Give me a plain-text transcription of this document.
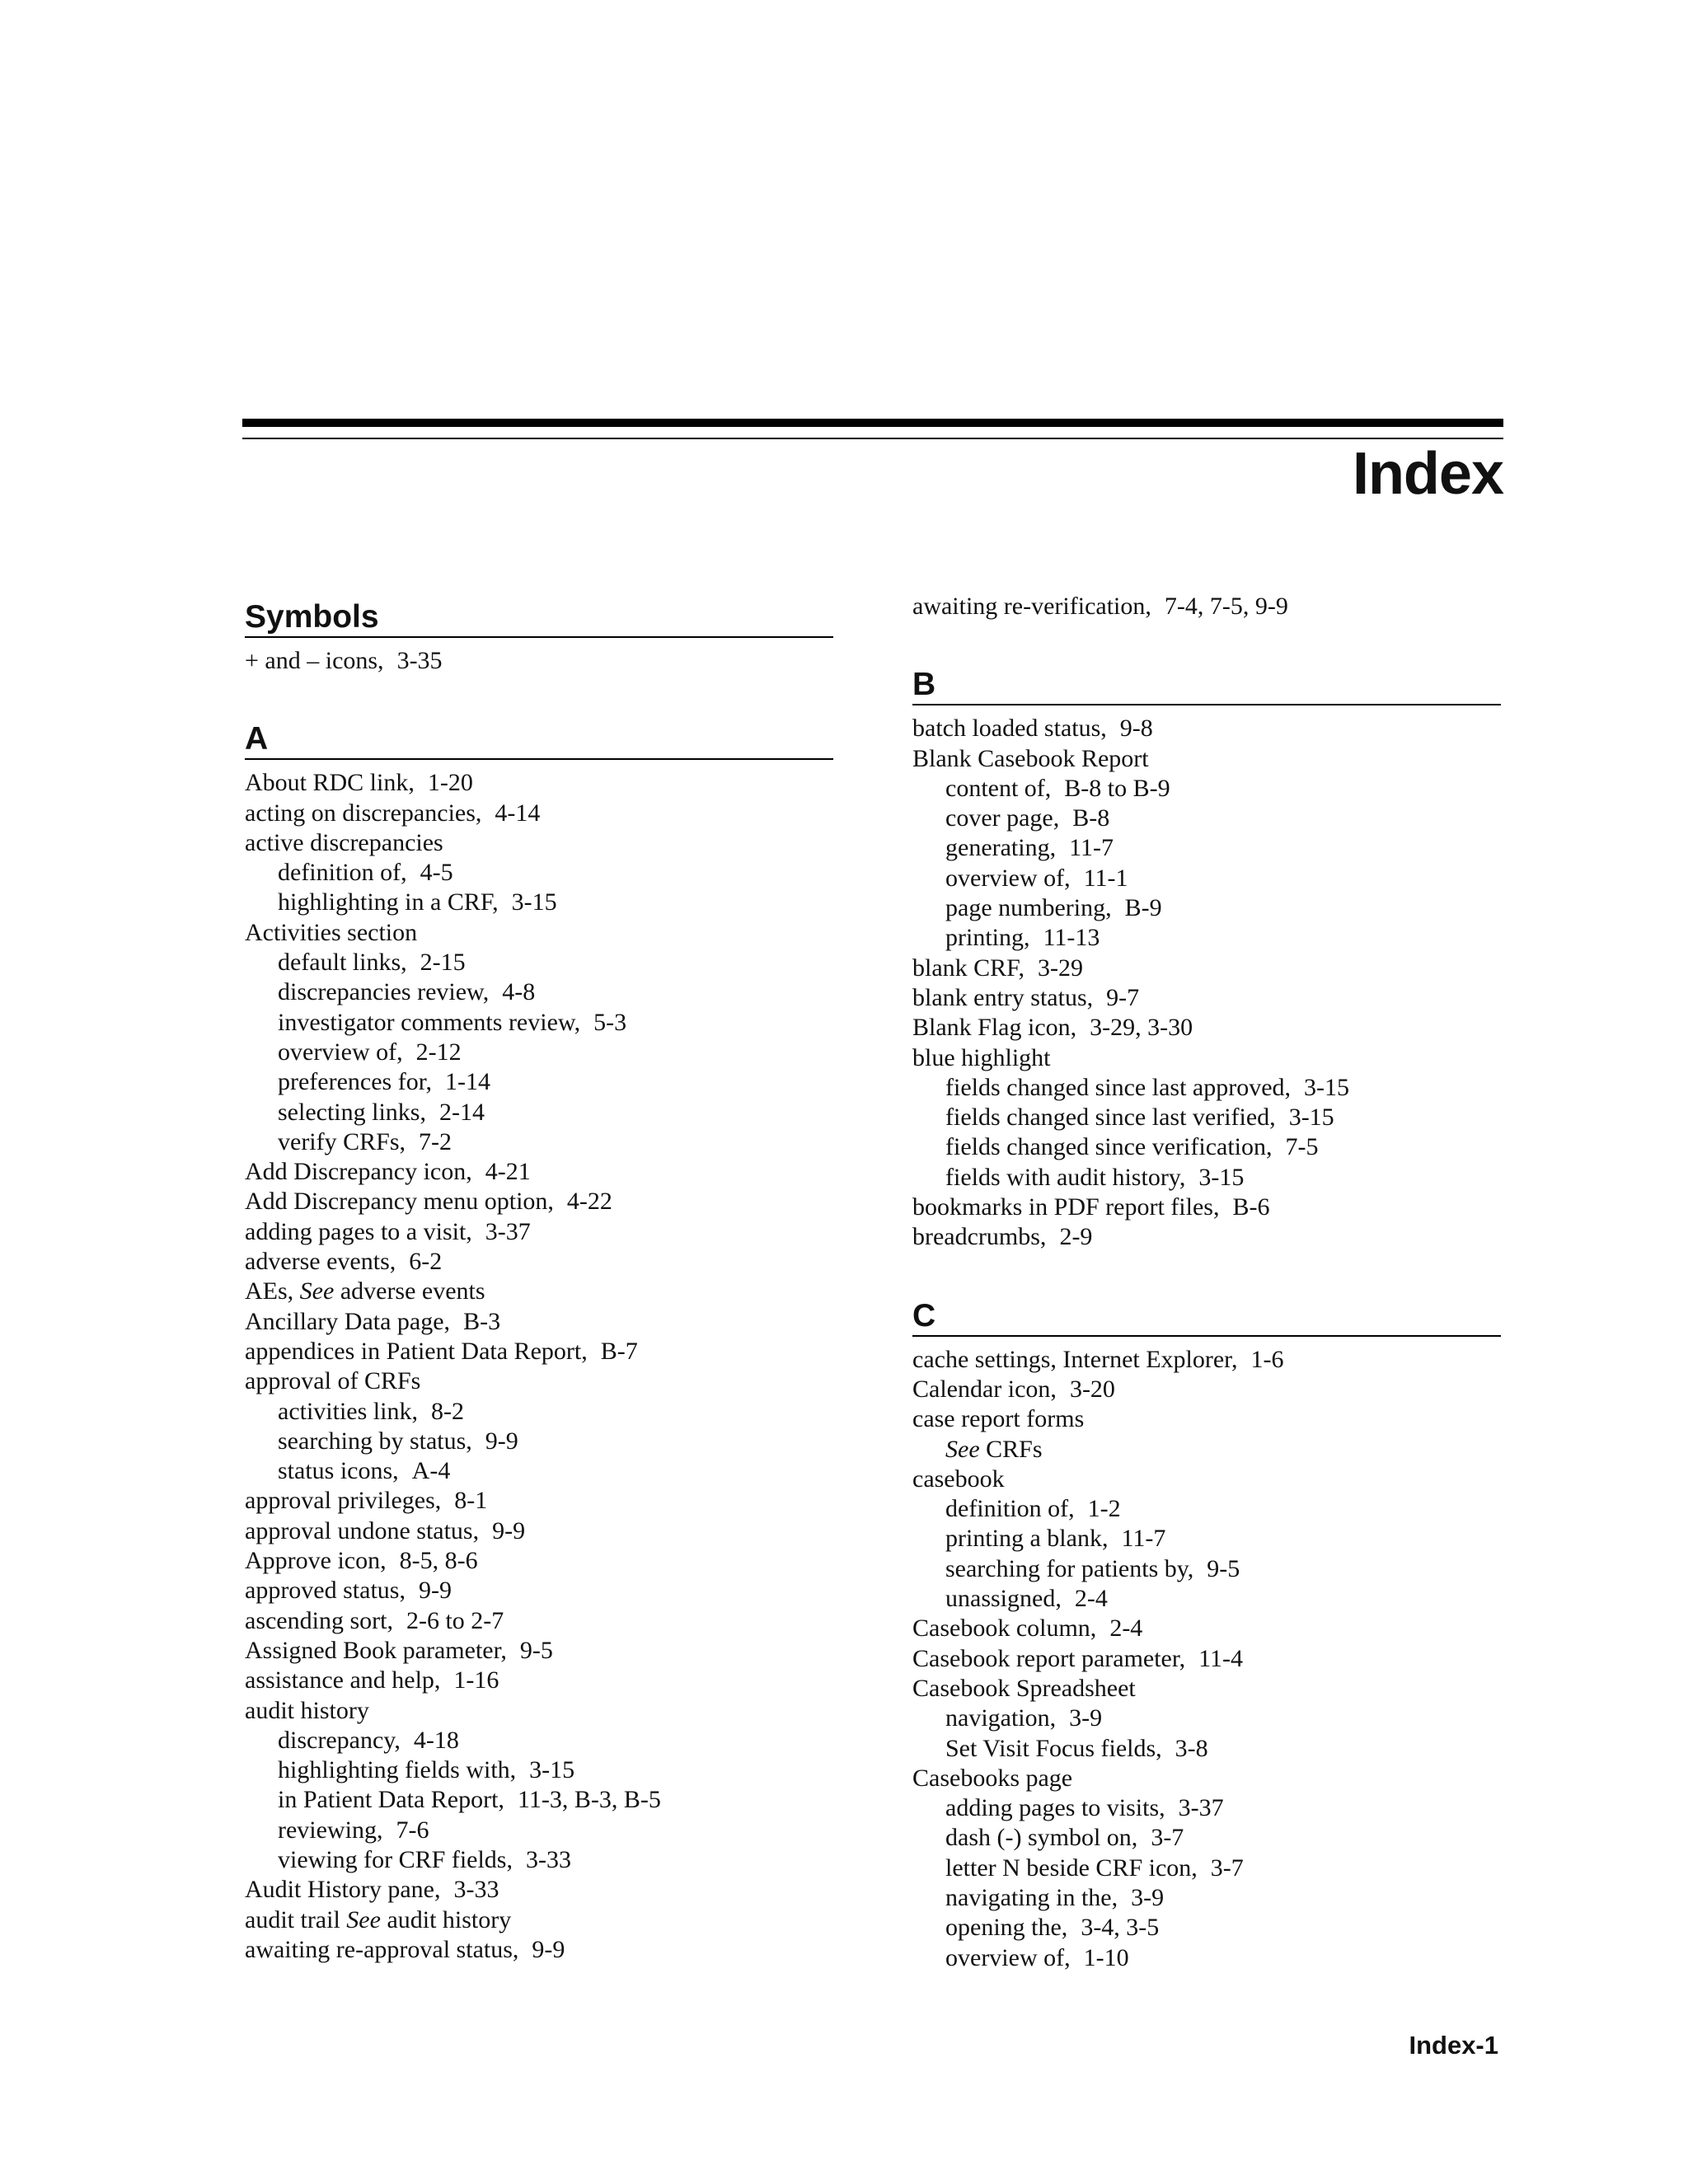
Index
Symbols
+ and – icons, 3-35
A
About RDC link, 1-20
acting on discrepancies, 4-14
active discrepancies
definition of, 4-5
highlighting in a CRF, 3-15
Activities section
default links, 2-15
discrepancies review, 4-8
investigator comments review, 5-3
overview of, 2-12
preferences for, 1-14
selecting links, 2-14
verify CRFs, 7-2
Add Discrepancy icon, 4-21
Add Discrepancy menu option, 4-22
adding pages to a visit, 3-37
adverse events, 6-2
AEs, See adverse events
Ancillary Data page, B-3
appendices in Patient Data Report, B-7
approval of CRFs
activities link, 8-2
searching by status, 9-9
status icons, A-4
approval privileges, 8-1
approval undone status, 9-9
Approve icon, 8-5, 8-6
approved status, 9-9
ascending sort, 2-6 to 2-7
Assigned Book parameter, 9-5
assistance and help, 1-16
audit history
discrepancy, 4-18
highlighting fields with, 3-15
in Patient Data Report, 11-3, B-3, B-5
reviewing, 7-6
viewing for CRF fields, 3-33
Audit History pane, 3-33
audit trail See audit history
awaiting re-approval status, 9-9
awaiting re-verification, 7-4, 7-5, 9-9
B
batch loaded status, 9-8
Blank Casebook Report
content of, B-8 to B-9
cover page, B-8
generating, 11-7
overview of, 11-1
page numbering, B-9
printing, 11-13
blank CRF, 3-29
blank entry status, 9-7
Blank Flag icon, 3-29, 3-30
blue highlight
fields changed since last approved, 3-15
fields changed since last verified, 3-15
fields changed since verification, 7-5
fields with audit history, 3-15
bookmarks in PDF report files, B-6
breadcrumbs, 2-9
C
cache settings, Internet Explorer, 1-6
Calendar icon, 3-20
case report forms
See CRFs
casebook
definition of, 1-2
printing a blank, 11-7
searching for patients by, 9-5
unassigned, 2-4
Casebook column, 2-4
Casebook report parameter, 11-4
Casebook Spreadsheet
navigation, 3-9
Set Visit Focus fields, 3-8
Casebooks page
adding pages to visits, 3-37
dash (-) symbol on, 3-7
letter N beside CRF icon, 3-7
navigating in the, 3-9
opening the, 3-4, 3-5
overview of, 1-10
Index-1
